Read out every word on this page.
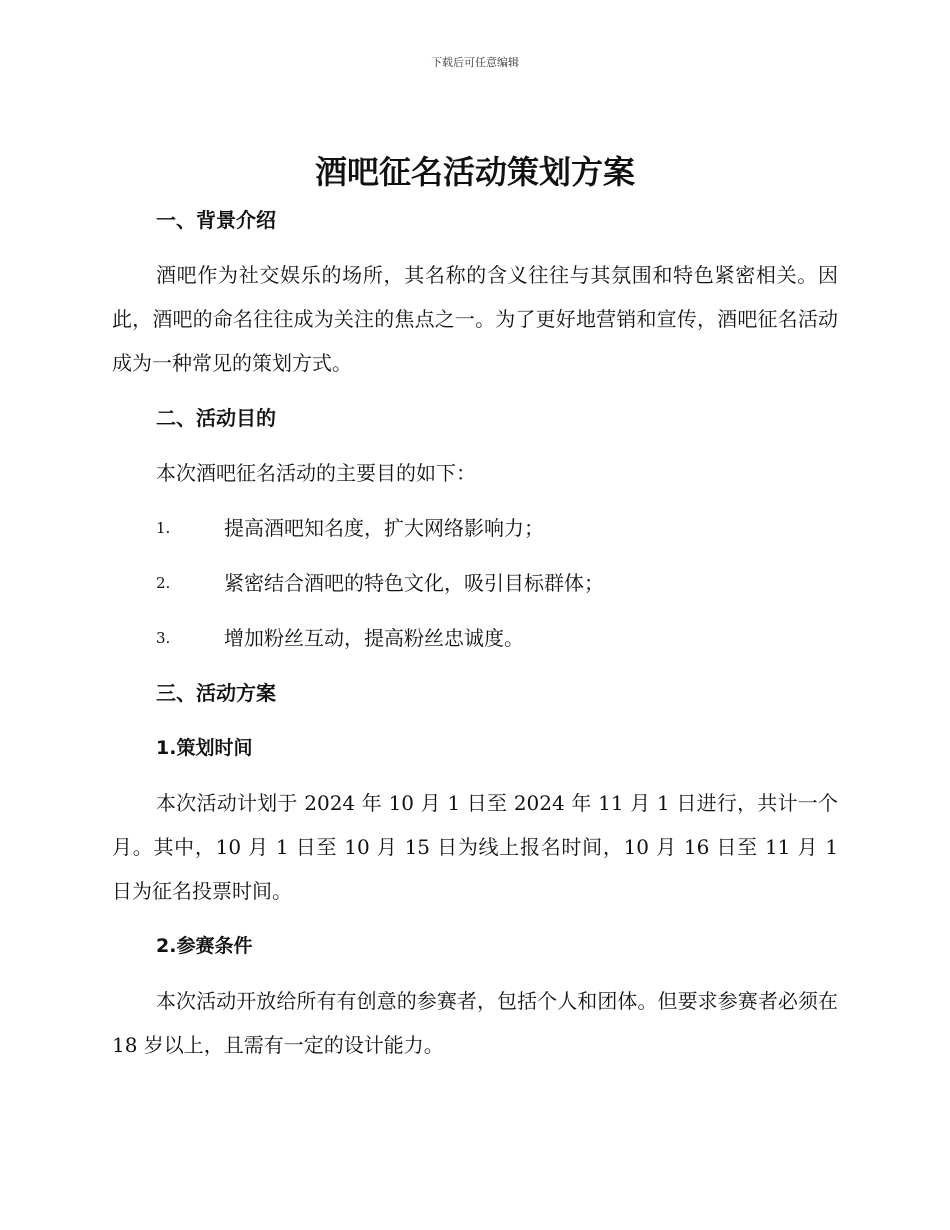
下载后可任意编辑
酒吧征名活动策划方案
一、背景介绍

酒吧作为社交娱乐的场所，其名称的含义往往与其氛围和特色紧密相关。因此，酒吧的命名往往成为关注的焦点之一。为了更好地营销和宣传，酒吧征名活动成为一种常见的策划方式。

二、活动目的

本次酒吧征名活动的主要目的如下：

1.	提高酒吧知名度，扩大网络影响力；
2.	紧密结合酒吧的特色文化，吸引目标群体；
3.	增加粉丝互动，提高粉丝忠诚度。
三、活动方案
1.策划时间

本次活动计划于 2024 年 10 月 1 日至 2024 年 11 月 1 日进行，共计一个月。其中，10 月 1 日至 10 月 15 日为线上报名时间，10 月 16 日至 11 月 1 日为征名投票时间。

2.参赛条件

本次活动开放给所有有创意的参赛者，包括个人和团体。但要求参赛者必须在 18 岁以上，且需有一定的设计能力。
